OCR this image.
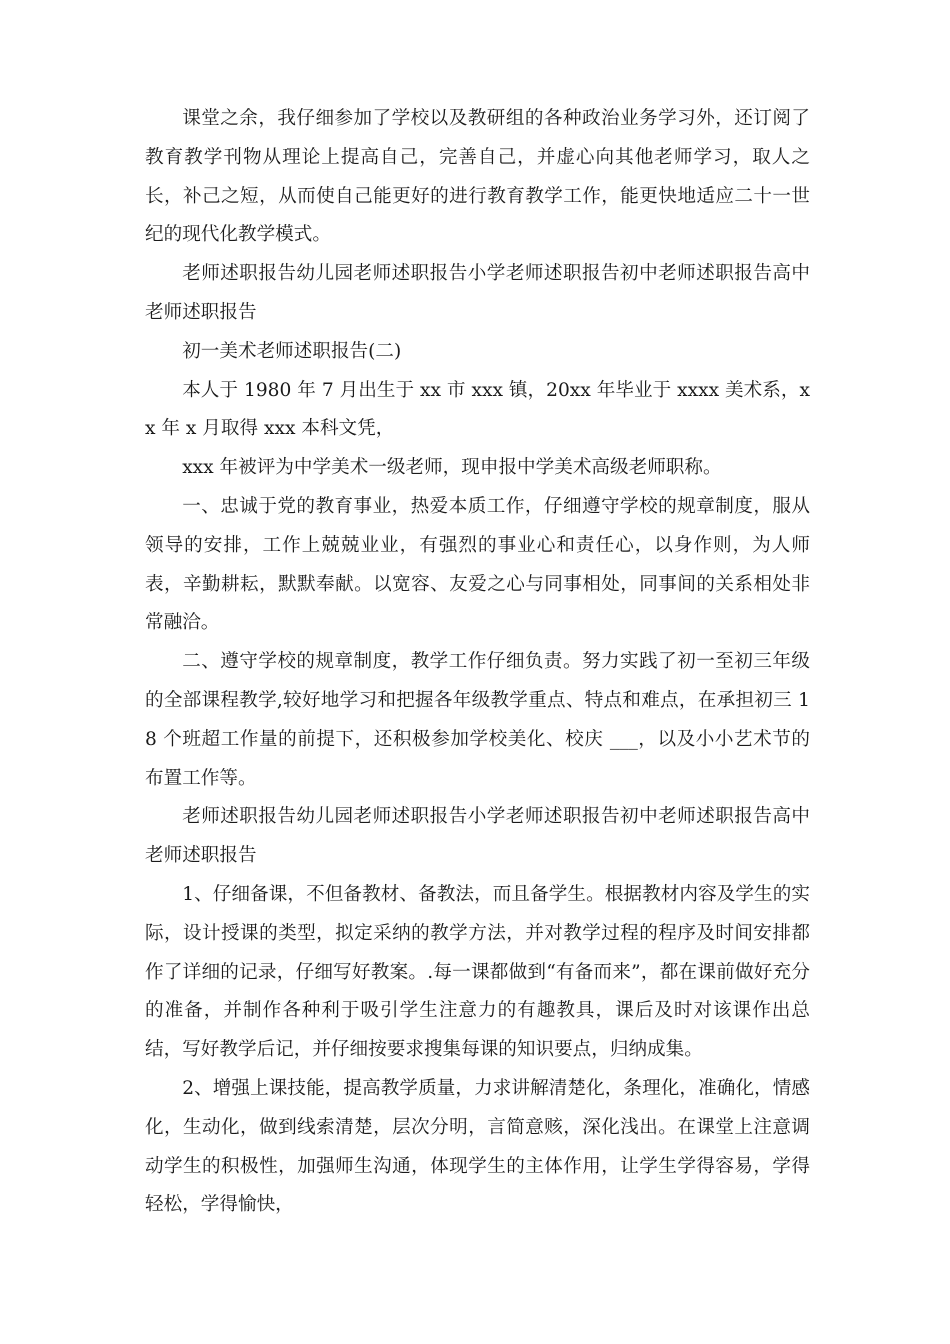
课堂之余，我仔细参加了学校以及教研组的各种政治业务学习外，还订阅了教育教学刊物从理论上提高自己，完善自己，并虚心向其他老师学习，取人之长，补己之短，从而使自己能更好的进行教育教学工作，能更快地适应二十一世纪的现代化教学模式。

老师述职报告幼儿园老师述职报告小学老师述职报告初中老师述职报告高中老师述职报告

初一美术老师述职报告(二)

本人于 1980 年 7 月出生于 xx 市 xxx 镇，20xx 年毕业于 xxxx 美术系，xx 年 x 月取得 xxx 本科文凭，

xxx 年被评为中学美术一级老师，现申报中学美术高级老师职称。

一、忠诚于党的教育事业，热爱本质工作，仔细遵守学校的规章制度，服从领导的安排，工作上兢兢业业，有强烈的事业心和责任心，以身作则，为人师表，辛勤耕耘，默默奉献。以宽容、友爱之心与同事相处，同事间的关系相处非常融洽。

二、遵守学校的规章制度，教学工作仔细负责。努力实践了初一至初三年级的全部课程教学,较好地学习和把握各年级教学重点、特点和难点，在承担初三 18 个班超工作量的前提下，还积极参加学校美化、校庆 ___，以及小小艺术节的布置工作等。

老师述职报告幼儿园老师述职报告小学老师述职报告初中老师述职报告高中老师述职报告

1、仔细备课，不但备教材、备教法，而且备学生。根据教材内容及学生的实际，设计授课的类型，拟定采纳的教学方法，并对教学过程的程序及时间安排都作了详细的记录，仔细写好教案。.每一课都做到“有备而来”，都在课前做好充分的准备，并制作各种利于吸引学生注意力的有趣教具，课后及时对该课作出总结，写好教学后记，并仔细按要求搜集每课的知识要点，归纳成集。

2、增强上课技能，提高教学质量，力求讲解清楚化，条理化，准确化，情感化，生动化，做到线索清楚，层次分明，言简意赅，深化浅出。在课堂上注意调动学生的积极性，加强师生沟通，体现学生的主体作用，让学生学得容易，学得轻松，学得愉快，
